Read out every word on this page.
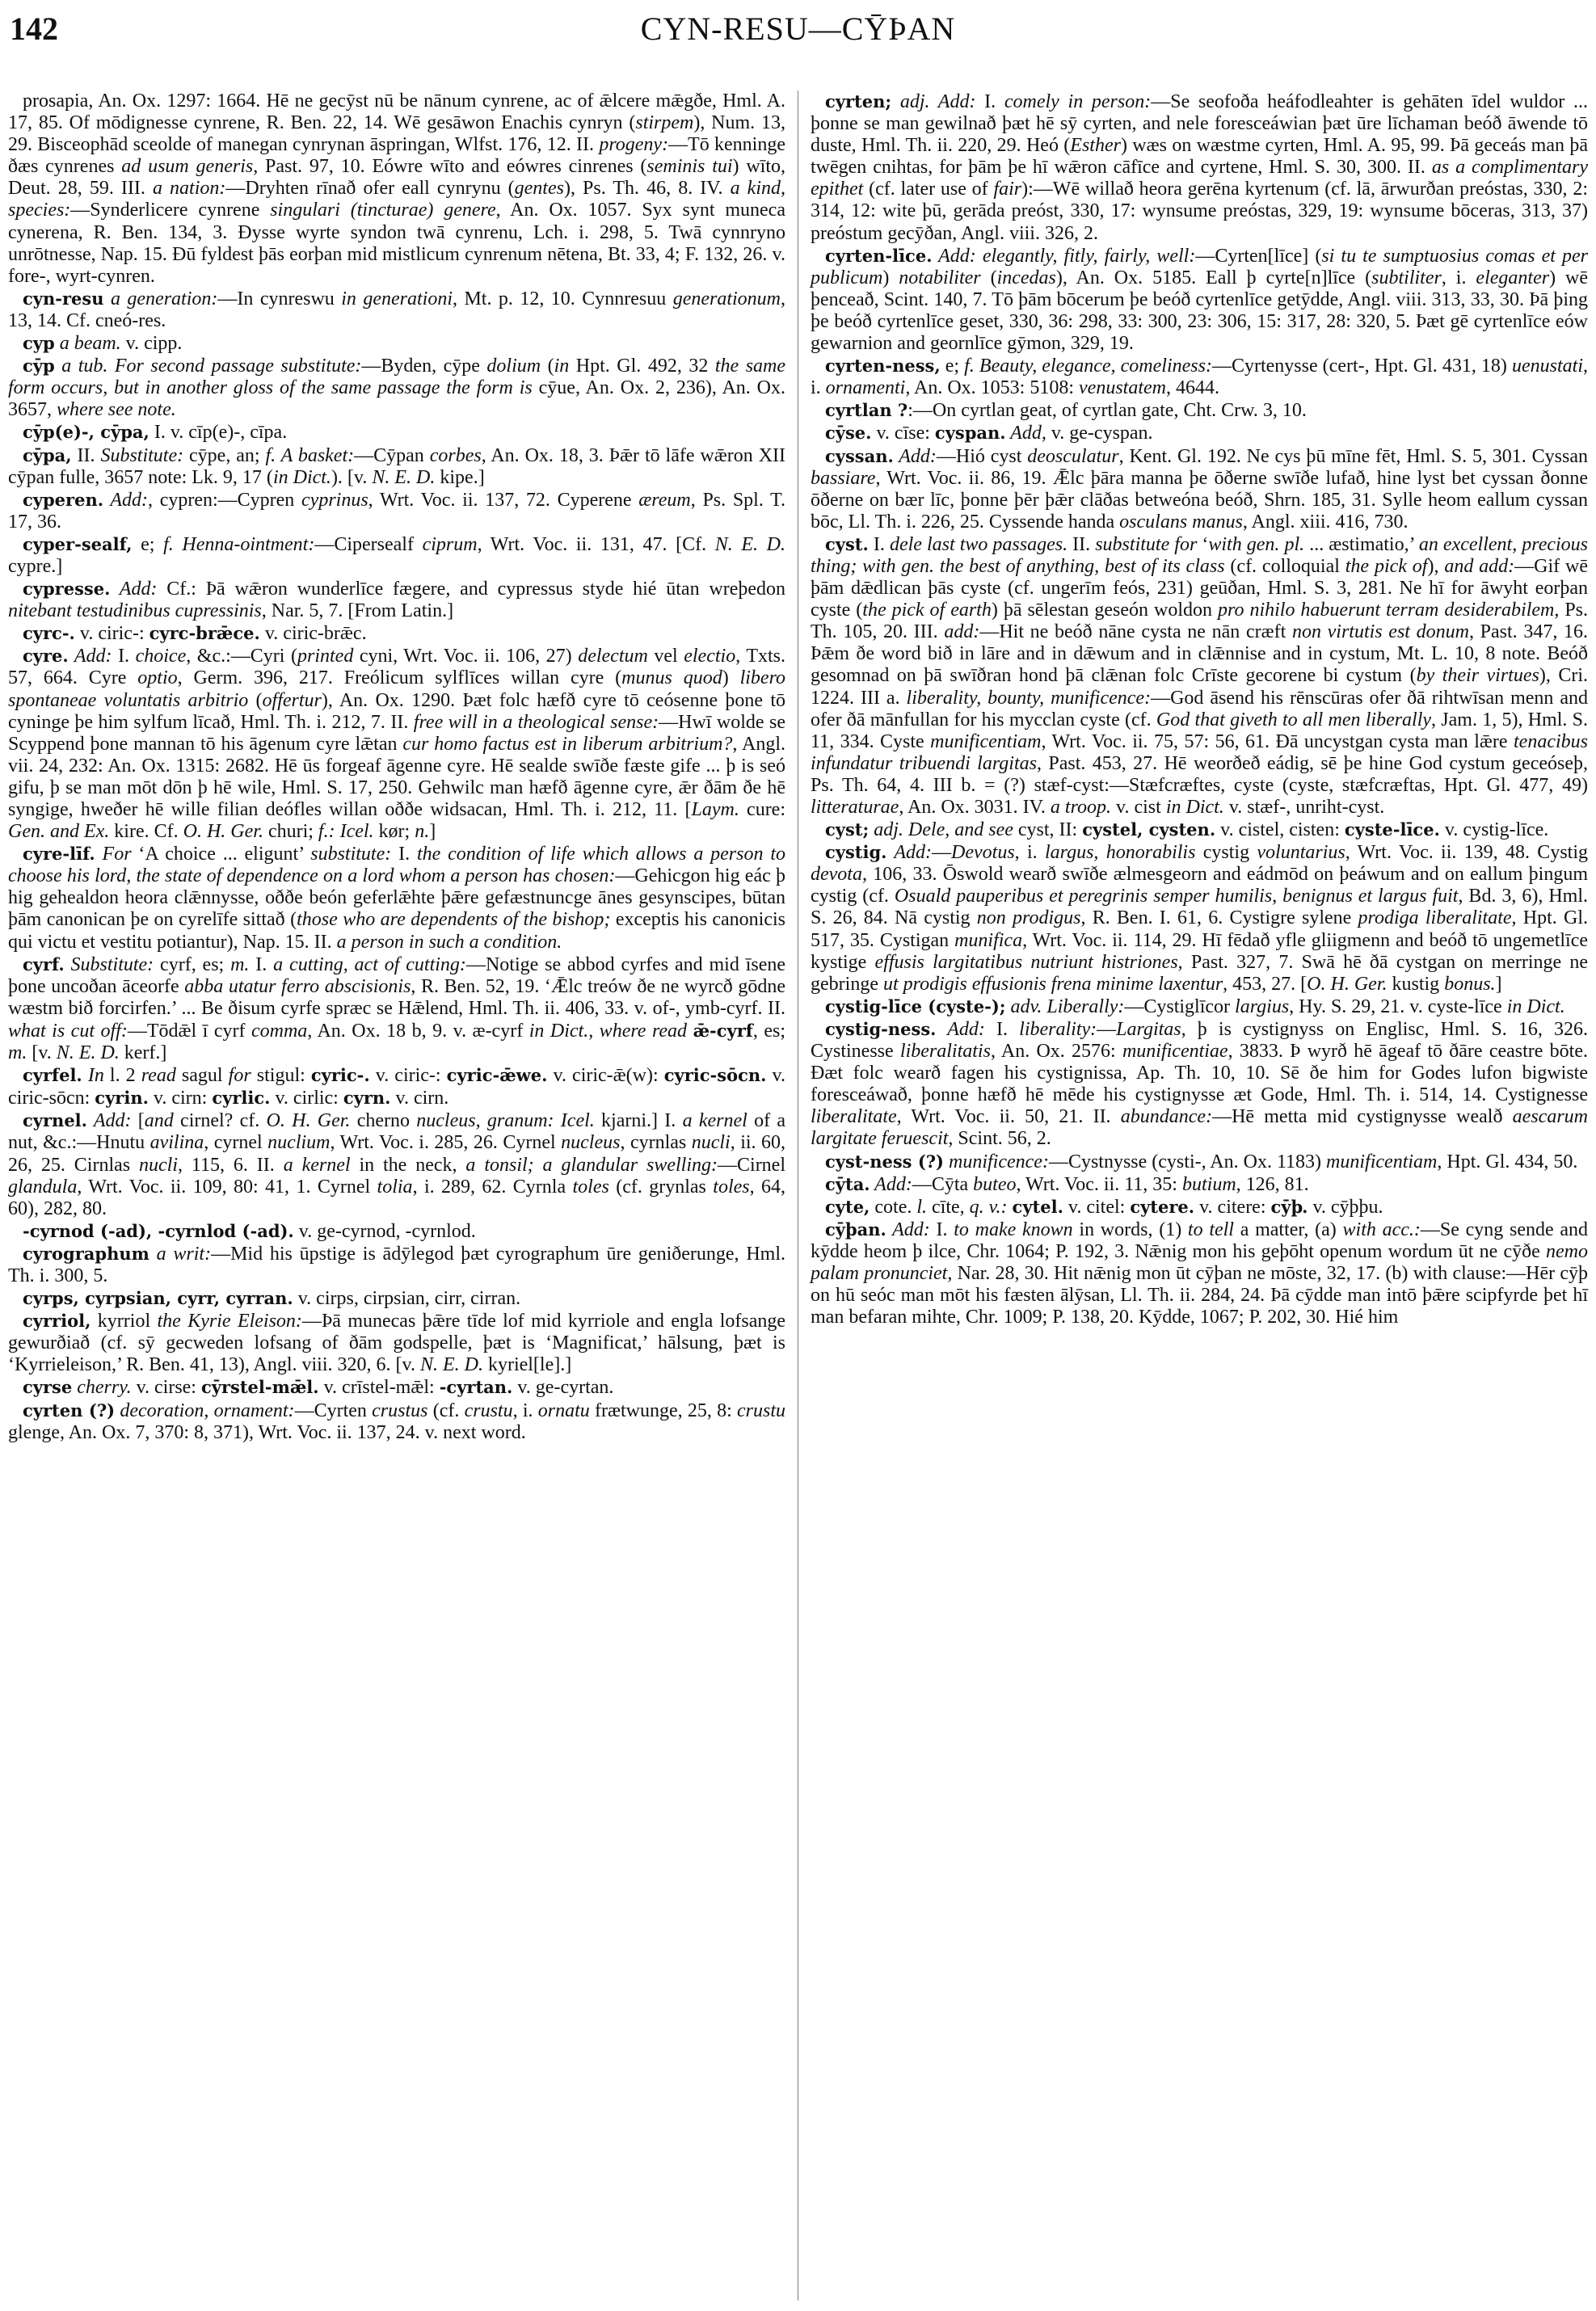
142	CYN-RESU—CȲÞAN

prosapia, An. Ox. 1297: 1664. Hē ne gecȳst nū be nānum cynrene, ac of ǣlcere mǣgðe, Hml. A. 17, 85. Of mōdignesse cynrene, R. Ben. 22, 14. Wē gesāwon Enachis cynryn (stirpem), Num. 13, 29. Bisceophād sceolde of manegan cynrynan āspringan, Wlfst. 176, 12. II. progeny:—Tō kenninge ðæs cynrenes ad usum generis, Past. 97, 10. Eówre wīto and eówres cinrenes (seminis tui) wīto, Deut. 28, 59. III. a nation:—Dryhten rīnað ofer eall cynrynu (gentes), Ps. Th. 46, 8. IV. a kind, species:—Synderlicere cynrene singulari (tincturae) genere, An. Ox. 1057. Syx synt muneca cynerena, R. Ben. 134, 3. Ðysse wyrte syndon twā cynrenu, Lch. i. 298, 5. Twā cynnryno unrōtnesse, Nap. 15. Ðū fyldest þās eorþan mid mistlicum cynrenum nētena, Bt. 33, 4; F. 132, 26. v. fore-, wyrt-cynren.

cyn-resu a generation:—In cynreswu in generationi, Mt. p. 12, 10. Cynnresuu generationum, 13, 14. Cf. cneó-res.

cyp a beam. v. cipp.

cȳp a tub. For second passage substitute:—Byden, cȳpe dolium (in Hpt. Gl. 492, 32 the same form occurs, but in another gloss of the same passage the form is cȳue, An. Ox. 2, 236), An. Ox. 3657, where see note.

cȳp(e)-, cȳpa, I. v. cīp(e)-, cīpa.

cȳpa, II. Substitute: cȳpe, an; f. A basket:—Cȳpan corbes, An. Ox. 18, 3. Þǣr tō lāfe wǣron XII cȳpan fulle, 3657 note: Lk. 9, 17 (in Dict.). [v. N. E. D. kipe.]

cyperen. Add:, cypren:—Cypren cyprinus, Wrt. Voc. ii. 137, 72. Cyperene æreum, Ps. Spl. T. 17, 36.

cyper-sealf, e; f. Henna-ointment:—Cipersealf ciprum, Wrt. Voc. ii. 131, 47. [Cf. N. E. D. cypre.]

cypresse. Add: Cf.: Þā wǣron wunderlīce fægere, and cypressus styde hié ūtan wreþedon nitebant testudinibus cupressinis, Nar. 5, 7. [From Latin.]

cyrc-. v. ciric-: cyrc-brǣce. v. ciric-brǣc.

cyre. Add: I. choice, &c.:—Cyri (printed cyni, Wrt. Voc. ii. 106, 27) delectum vel electio, Txts. 57, 664. Cyre optio, Germ. 396, 217. Freólicum sylflīces willan cyre (munus quod) libero spontaneae voluntatis arbitrio (offertur), An. Ox. 1290. Þæt folc hæfð cyre tō ceósenne þone tō cyninge þe him sylfum līcað, Hml. Th. i. 212, 7. II. free will in a theological sense:—Hwī wolde se Scyppend þone mannan tō his āgenum cyre lǣtan cur homo factus est in liberum arbitrium?, Angl. vii. 24, 232: An. Ox. 1315: 2682. Hē ūs forgeaf āgenne cyre. Hē sealde swīðe fæste gife ... þ is seó gifu, þ se man mōt dōn þ hē wile, Hml. S. 17, 250. Gehwilc man hæfð āgenne cyre, ǣr ðām ðe hē syngige, hweðer hē wille filian deófles willan oððe widsacan, Hml. Th. i. 212, 11. [Laym. cure: Gen. and Ex. kire. Cf. O. H. Ger. churi; f.: Icel. kør; n.]

cyre-līf. For ‘A choice ... eligunt’ substitute: I. the condition of life which allows a person to choose his lord, the state of dependence on a lord whom a person has chosen:—Gehicgon hig eác þ hig gehealdon heora clǣnnysse, oððe beón geferlǣhte þǣre gefæstnuncge ānes gesynscipes, būtan þām canonican þe on cyrelīfe sittað (those who are dependents of the bishop; exceptis his canonicis qui victu et vestitu potiantur), Nap. 15. II. a person in such a condition.

cyrf. Substitute: cyrf, es; m. I. a cutting, act of cutting:—Notige se abbod cyrfes and mid īsene þone uncoðan āceorfe abba utatur ferro abscisionis, R. Ben. 52, 19. ‘Ǣlc treów ðe ne wyrcð gōdne wæstm bið forcirfen.’ ... Be ðisum cyrfe spræc se Hǣlend, Hml. Th. ii. 406, 33. v. of-, ymb-cyrf. II. what is cut off:—Tōdǣl ī cyrf comma, An. Ox. 18 b, 9. v. æ-cyrf in Dict., where read ǣ-cyrf, es; m. [v. N. E. D. kerf.]

cyrfel. In l. 2 read sagul for stigul: cyric-. v. ciric-: cyric-ǣwe. v. ciric-ǣ(w): cyric-sōcn. v. ciric-sōcn: cyrin. v. cirn: cyrlic. v. cirlic: cyrn. v. cirn.

cyrnel. Add: [and cirnel? cf. O. H. Ger. cherno nucleus, granum: Icel. kjarni.] I. a kernel of a nut, &c.:—Hnutu avilina, cyrnel nuclium, Wrt. Voc. i. 285, 26. Cyrnel nucleus, cyrnlas nucli, ii. 60, 26, 25. Cirnlas nucli, 115, 6. II. a kernel in the neck, a tonsil; a glandular swelling:—Cirnel glandula, Wrt. Voc. ii. 109, 80: 41, 1. Cyrnel tolia, i. 289, 62. Cyrnla toles (cf. grynlas toles, 64, 60), 282, 80.

-cyrnod (-ad), -cyrnlod (-ad). v. ge-cyrnod, -cyrnlod.

cyrographum a writ:—Mid his ūpstige is ādȳlegod þæt cyrographum ūre geniðerunge, Hml. Th. i. 300, 5.

cyrps, cyrpsian, cyrr, cyrran. v. cirps, cirpsian, cirr, cirran.

cyrriol, kyrriol the Kyrie Eleison:—Þā munecas þǣre tīde lof mid kyrriole and engla lofsange gewurðiað (cf. sȳ gecweden lofsang of ðām godspelle, þæt is ‘Magnificat,’ hālsung, þæt is ‘Kyrrieleison,’ R. Ben. 41, 13), Angl. viii. 320, 6. [v. N. E. D. kyriel[le].]

cyrse cherry. v. cirse: cȳrstel-mǣl. v. crīstel-mǣl: -cyrtan. v. ge-cyrtan.

cyrten (?) decoration, ornament:—Cyrten crustus (cf. crustu, i. ornatu frætwunge, 25, 8: crustu glenge, An. Ox. 7, 370: 8, 371), Wrt. Voc. ii. 137, 24. v. next word.

cyrten; adj. Add: I. comely in person:—Se seofoða heáfodleahter is gehāten īdel wuldor ... þonne se man gewilnað þæt hē sȳ cyrten, and nele foresceáwian þæt ūre līchaman beóð āwende tō duste, Hml. Th. ii. 220, 29. Heó (Esther) wæs on wæstme cyrten, Hml. A. 95, 99. Þā geceás man þā twēgen cnihtas, for þām þe hī wǣron cāfīce and cyrtene, Hml. S. 30, 300. II. as a complimentary epithet (cf. later use of fair):—Wē willað heora gerēna kyrtenum (cf. lā, ārwurðan preóstas, 330, 2: 314, 12: wite þū, gerāda preóst, 330, 17: wynsume preóstas, 329, 19: wynsume bōceras, 313, 37) preóstum gecȳðan, Angl. viii. 326, 2.

cyrten-līce. Add: elegantly, fitly, fairly, well:—Cyrten[līce] (si tu te sumptuosius comas et per publicum) notabiliter (incedas), An. Ox. 5185. Eall þ cyrte[n]līce (subtiliter, i. eleganter) wē þenceað, Scint. 140, 7. Tō þām bōcerum þe beóð cyrtenlīce getȳdde, Angl. viii. 313, 33, 30. Þā þing þe beóð cyrtenlīce geset, 330, 36: 298, 33: 300, 23: 306, 15: 317, 28: 320, 5. Þæt gē cyrtenlīce eów gewarnion and geornlīce gȳmon, 329, 19.

cyrten-ness, e; f. Beauty, elegance, comeliness:—Cyrtenysse (cert-, Hpt. Gl. 431, 18) uenustati, i. ornamenti, An. Ox. 1053: 5108: venustatem, 4644.

cyrtlan ?:—On cyrtlan geat, of cyrtlan gate, Cht. Crw. 3, 10.

cȳse. v. cīse: cyspan. Add, v. ge-cyspan.

cyssan. Add:—Hió cyst deosculatur, Kent. Gl. 192. Ne cys þū mīne fēt, Hml. S. 5, 301. Cyssan bassiare, Wrt. Voc. ii. 86, 19. Ǣlc þāra manna þe ōðerne swīðe lufað, hine lyst bet cyssan ðonne ōðerne on bær līc, þonne þēr þǣr clāðas betweóna beóð, Shrn. 185, 31. Sylle heom eallum cyssan bōc, Ll. Th. i. 226, 25. Cyssende handa osculans manus, Angl. xiii. 416, 730.

cyst. I. dele last two passages. II. substitute for ‘with gen. pl. ... æstimatio,’ an excellent, precious thing; with gen. the best of anything, best of its class (cf. colloquial the pick of), and add:—Gif wē þām dǣdlican þās cyste (cf. ungerīm feós, 231) geūðan, Hml. S. 3, 281. Ne hī for āwyht eorþan cyste (the pick of earth) þā sēlestan geseón woldon pro nihilo habuerunt terram desiderabilem, Ps. Th. 105, 20. III. add:—Hit ne beóð nāne cysta ne nān cræft non virtutis est donum, Past. 347, 16. Þǣm ðe word bið in lāre and in dǣwum and in clǣnnise and in cystum, Mt. L. 10, 8 note. Beóð gesomnad on þā swīðran hond þā clǣnan folc Crīste gecorene bi cystum (by their virtues), Cri. 1224. III a. liberality, bounty, munificence:—God āsend his rēnscūras ofer ðā rihtwīsan menn and ofer ðā mānfullan for his mycclan cyste (cf. God that giveth to all men liberally, Jam. 1, 5), Hml. S. 11, 334. Cyste munificentiam, Wrt. Voc. ii. 75, 57: 56, 61. Ðā uncystgan cysta man lǣre tenacibus infundatur tribuendi largitas, Past. 453, 27. Hē weorðeð eádig, sē þe hine God cystum geceóseþ, Ps. Th. 64, 4. III b. = (?) stæf-cyst:—Stæfcræftes, cyste (cyste, stæfcræftas, Hpt. Gl. 477, 49) litteraturae, An. Ox. 3031. IV. a troop. v. cist in Dict. v. stæf-, unriht-cyst.

cyst; adj. Dele, and see cyst, II: cystel, cysten. v. cistel, cisten: cyste-līce. v. cystig-līce.

cystig. Add:—Devotus, i. largus, honorabilis cystig voluntarius, Wrt. Voc. ii. 139, 48. Cystig devota, 106, 33. Ōswold wearð swīðe ælmesgeorn and eádmōd on þeáwum and on eallum þingum cystig (cf. Osuald pauperibus et peregrinis semper humilis, benignus et largus fuit, Bd. 3, 6), Hml. S. 26, 84. Nā cystig non prodigus, R. Ben. I. 61, 6. Cystigre sylene prodiga liberalitate, Hpt. Gl. 517, 35. Cystigan munifica, Wrt. Voc. ii. 114, 29. Hī fēdað yfle gliigmenn and beóð tō ungemetlīce kystige effusis largitatibus nutriunt histriones, Past. 327, 7. Swā hē ðā cystgan on merringe ne gebringe ut prodigis effusionis frena minime laxentur, 453, 27. [O. H. Ger. kustig bonus.]

cystig-līce (cyste-); adv. Liberally:—Cystiglīcor largius, Hy. S. 29, 21. v. cyste-līce in Dict.

cystig-ness. Add: I. liberality:—Largitas, þ is cystignyss on Englisc, Hml. S. 16, 326. Cystinesse liberalitatis, An. Ox. 2576: munificentiae, 3833. Þ wyrð hē āgeaf tō ðāre ceastre bōte. Ðæt folc wearð fagen his cystignissa, Ap. Th. 10, 10. Sē ðe him for Godes lufon bigwiste foresceáwað, þonne hæfð hē mēde his cystignysse æt Gode, Hml. Th. i. 514, 14. Cystignesse liberalitate, Wrt. Voc. ii. 50, 21. II. abundance:—Hē metta mid cystignysse wealð aescarum largitate feruescit, Scint. 56, 2.

cyst-ness (?) munificence:—Cystnysse (cysti-, An. Ox. 1183) munificentiam, Hpt. Gl. 434, 50.

cȳta. Add:—Cȳta buteo, Wrt. Voc. ii. 11, 35: butium, 126, 81.

cyte, cote. l. cīte, q. v.: cytel. v. citel: cytere. v. citere: cȳþ. v. cȳþþu.

cȳþan. Add: I. to make known in words, (1) to tell a matter, (a) with acc.:—Se cyng sende and kȳdde heom þ ilce, Chr. 1064; P. 192, 3. Nǣnig mon his geþōht openum wordum ūt ne cȳðe nemo palam pronunciet, Nar. 28, 30. Hit nǣnig mon ūt cȳþan ne mōste, 32, 17. (b) with clause:—Hēr cȳþ on hū seóc man mōt his fæsten ālȳsan, Ll. Th. ii. 284, 24. Þā cȳdde man intō þǣre scipfyrde þet hī man befaran mihte, Chr. 1009; P. 138, 20. Kȳdde, 1067; P. 202, 30. Hié him
